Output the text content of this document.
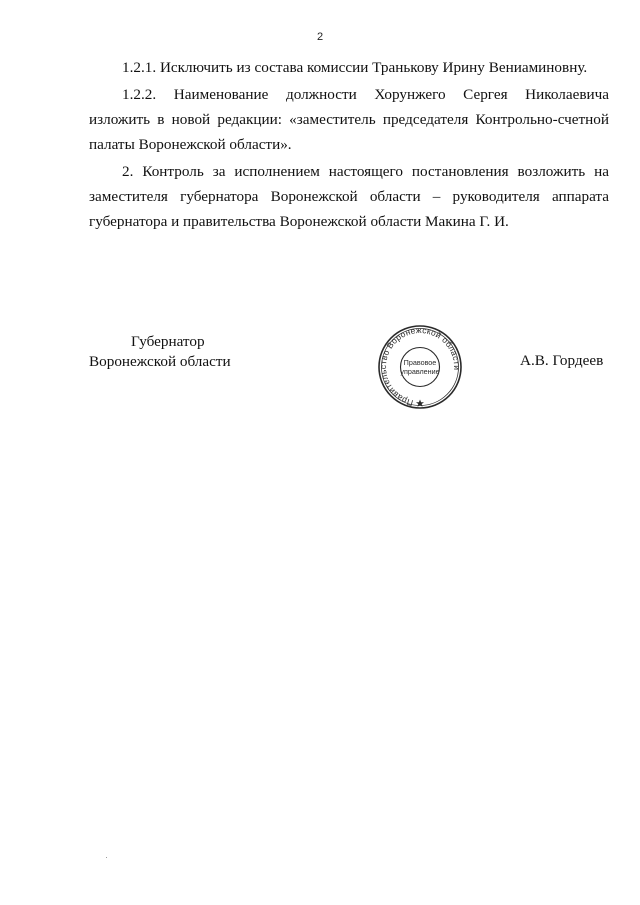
2

1.2.1. Исключить из состава комиссии Транькову Ирину Вениаминовну.

1.2.2. Наименование должности Хорунжего Сергея Николаевича
изложить в новой редакции: «заместитель председателя Контрольно-счетной
палаты Воронежской области».

2. Контроль за исполнением настоящего постановления возложить на
заместителя губернатора Воронежской области – руководителя аппарата
губернатора и правительства Воронежской области Макина Г. И.

Губернатор
Воронежской области
Правительство Воронежской области
Правовое
управление
А.В. Гордеев
